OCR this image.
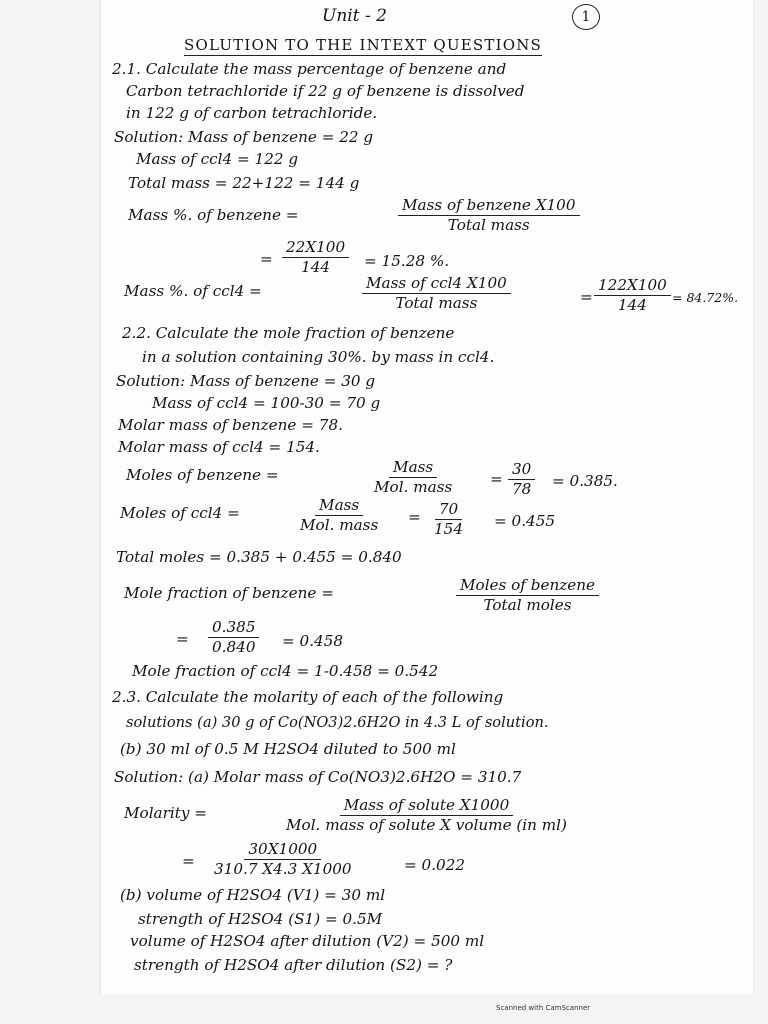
Unit - 2	1
SOLUTION TO THE INTEXT QUESTIONS
2.1. Calculate the mass percentage of benzene and
Carbon tetrachloride if 22 g of benzene is dissolved
in 122 g of carbon tetrachloride.
Solution: Mass of benzene = 22 g
Mass of ccl4 = 122 g
Total mass = 22+122 = 144 g
Mass %. of benzene =
Mass of benzene X100
Total mass
= $\frac{22X100}{144} = 15.28$ %.
Mass %. of ccl4 =	Mass of ccl4 X100
Total mass	= $\frac{122X100}{144} = 84.72\%$.
2.2. Calculate the mole fraction of benzene
in a solution containing 30%. by mass in ccl4.
Solution: Mass of benzene = 30 g
Mass of ccl4 = 100-30 = 70 g
Molar mass of benzene = 78.
Molar mass of ccl4 = 154.
Moles of benzene =	Mass
Mol. mass = $\frac{30}{78} = 0.385$.
Moles of ccl4 =	Mass
Mol. mass = $\frac{70}{154} = 0.455$
Total moles = 0.385 + 0.455 = 0.840
Mole fraction of benzene =	Moles of benzene
Total moles
= $\frac{0.385}{0.840} = 0.458$
Mole fraction of ccl4 = 1-0.458 = 0.542
2.3. Calculate the molarity of each of the following
solutions (a) 30 g of Co(NO3)2.6H2O in 4.3 L of solution.
(b) 30 ml of 0.5 M H2SO4 diluted to 500 ml
Solution: (a) Molar mass of Co(NO3)2.6H2O = 310.7
Molarity =	Mass of solute X1000
Mol. mass of solute X volume (in ml)
= $\frac{30X1000}{310.7 X4.3 X1000}$	= 0.022
(b) volume of H2SO4 (V1) = 30 ml
strength of H2SO4 (S1) = 0.5M
volume of H2SO4 after dilution (V2) = 500 ml
strength of H2SO4 after dilution (S2) = ?
Scanned with CamScanner
